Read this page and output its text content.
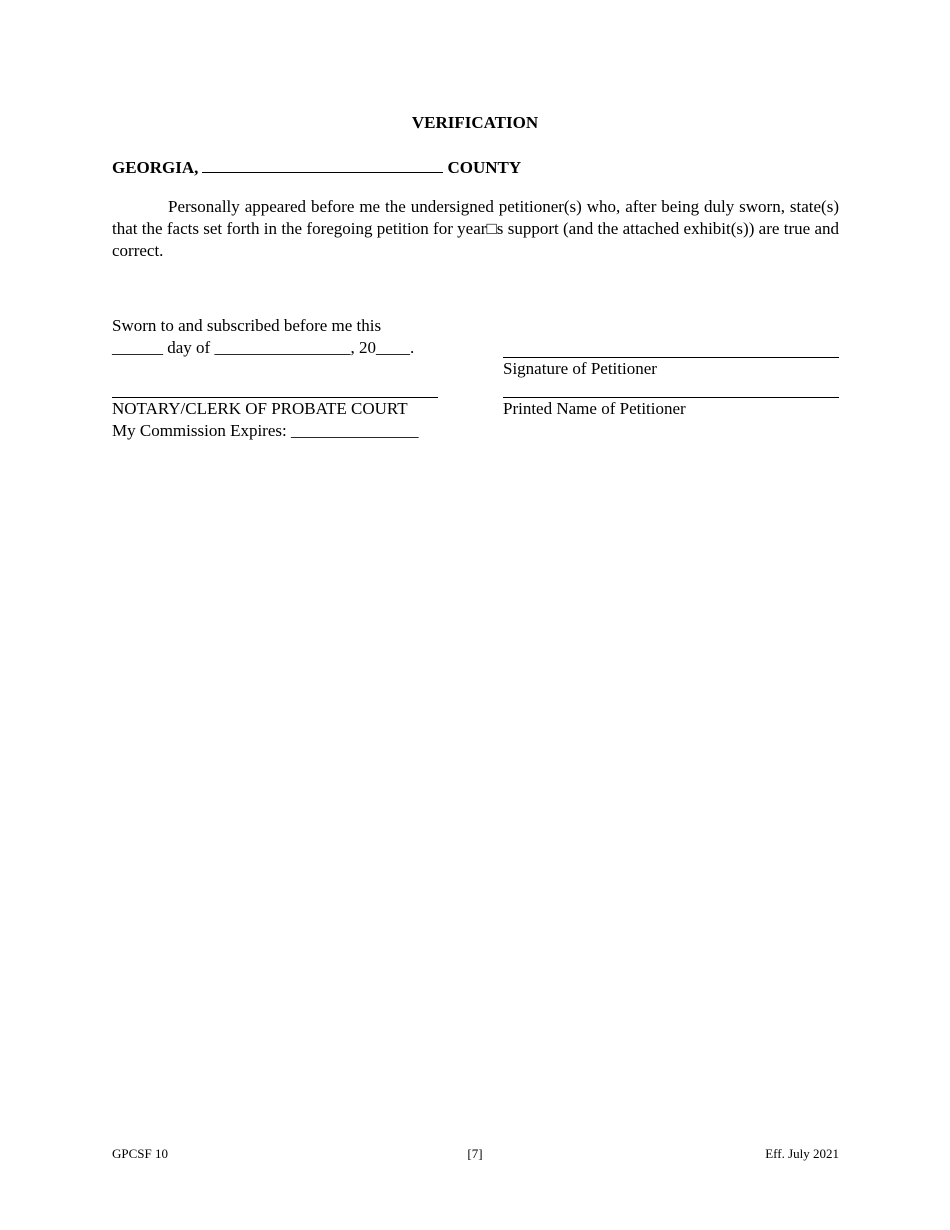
VERIFICATION
GEORGIA,	COUNTY
Personally appeared before me the undersigned petitioner(s) who, after being duly sworn, state(s) that the facts set forth in the foregoing petition for year□s support (and the attached exhibit(s)) are true and correct.
Sworn to and subscribed before me this
______ day of ________________, 20____.
NOTARY/CLERK OF PROBATE COURT
My Commission Expires: _______________
Signature of Petitioner
Printed Name of Petitioner
GPCSF 10	[7]	Eff. July 2021
